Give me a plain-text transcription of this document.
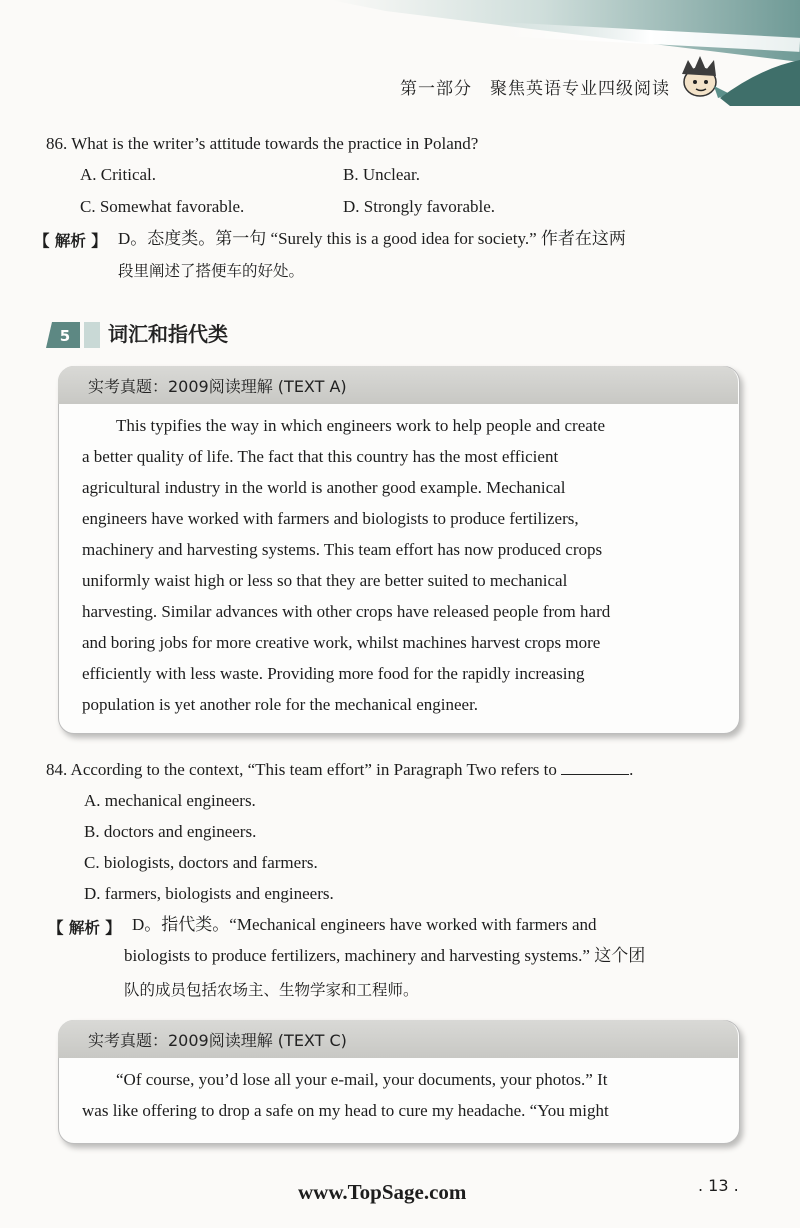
第一部分　聚焦英语专业四级阅读
86. What is the writer’s attitude towards the practice in Poland?
A. Critical.	B. Unclear.
C. Somewhat favorable.	D. Strongly favorable.
【 解析 】 D。态度类。第一句 “Surely this is a good idea for society.” 作者在这两
段里阐述了搭便车的好处。
5 词汇和指代类
实考真题：2009阅读理解 (TEXT A)
This typifies the way in which engineers work to help people and create
a better quality of life. The fact that this country has the most efficient
agricultural industry in the world is another good example. Mechanical
engineers have worked with farmers and biologists to produce fertilizers,
machinery and harvesting systems. This team effort has now produced crops
uniformly waist high or less so that they are better suited to mechanical
harvesting. Similar advances with other crops have released people from hard
and boring jobs for more creative work, whilst machines harvest crops more
efficiently with less waste. Providing more food for the rapidly increasing
population is yet another role for the mechanical engineer.
84. According to the context, “This team effort” in Paragraph Two refers to	.
A. mechanical engineers.
B. doctors and engineers.
C. biologists, doctors and farmers.
D. farmers, biologists and engineers.
【 解析 】 D。指代类。“Mechanical engineers have worked with farmers and
biologists to produce fertilizers, machinery and harvesting systems.” 这个团
队的成员包括农场主、生物学家和工程师。
实考真题：2009阅读理解 (TEXT C)
“Of course, you’d lose all your e-mail, your documents, your photos.” It
was like offering to drop a safe on my head to cure my headache. “You might
www.TopSage.com	. 13 .
